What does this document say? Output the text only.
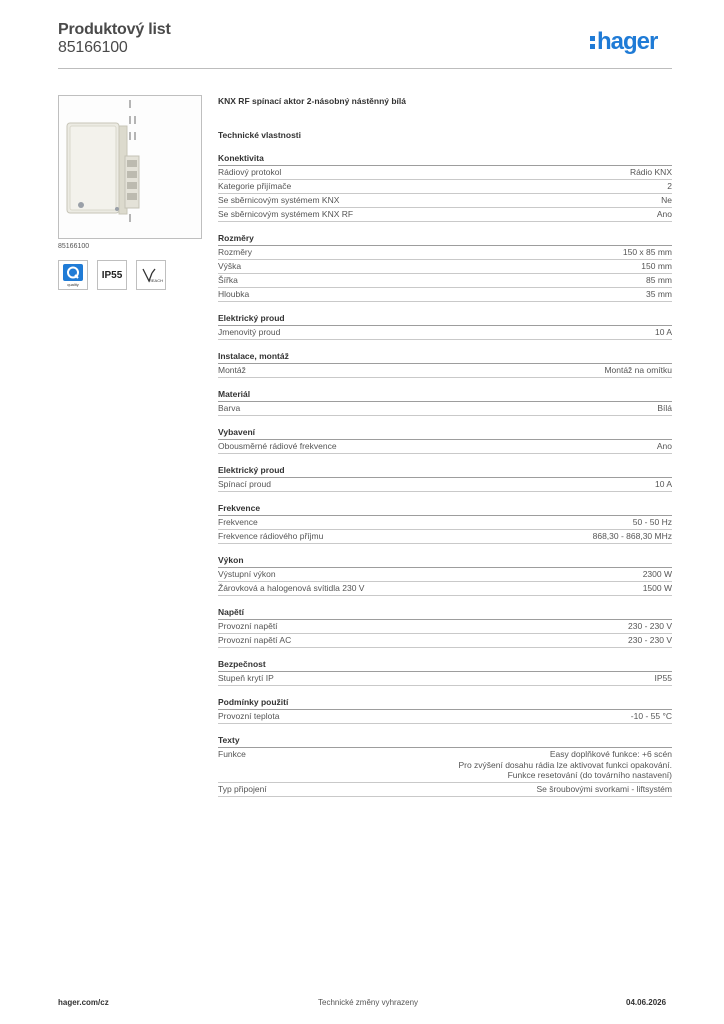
Produktový list
85166100	hager
85166100
quality
IP55	REACH
KNX RF spínací aktor 2-násobný nástěnný bílá
Technické vlastnosti
Konektivita
Rádiový protokol	Rádio KNX
Kategorie přijímače	2
Se sběrnicovým systémem KNX	Ne
Se sběrnicovým systémem KNX RF	Ano
Rozměry
Rozměry	150 x 85 mm
Výška	150 mm
Šířka	85 mm
Hloubka	35 mm
Elektrický proud
Jmenovitý proud	10 A
Instalace, montáž
Montáž	Montáž na omítku
Materiál
Barva	Bílá
Vybavení
Obousměrné rádiové frekvence	Ano
Elektrický proud
Spínací proud	10 A
Frekvence
Frekvence	50 - 50 Hz
Frekvence rádiového příjmu	868,30 - 868,30 MHz
Výkon
Výstupní výkon	2300 W
Žárovková a halogenová svítidla 230 V	1500 W
Napětí
Provozní napětí	230 - 230 V
Provozní napětí AC	230 - 230 V
Bezpečnost
Stupeň krytí IP	IP55
Podmínky použití
Provozní teplota	-10 - 55 °C
Texty
Funkce	Easy doplňkové funkce: +6 scén
Pro zvýšení dosahu rádia lze aktivovat funkci opakování.
Funkce resetování (do továrního nastavení)
Typ připojení	Se šroubovými svorkami - liftsystém
hager.com/cz	Technické změny vyhrazeny	04.06.2026
